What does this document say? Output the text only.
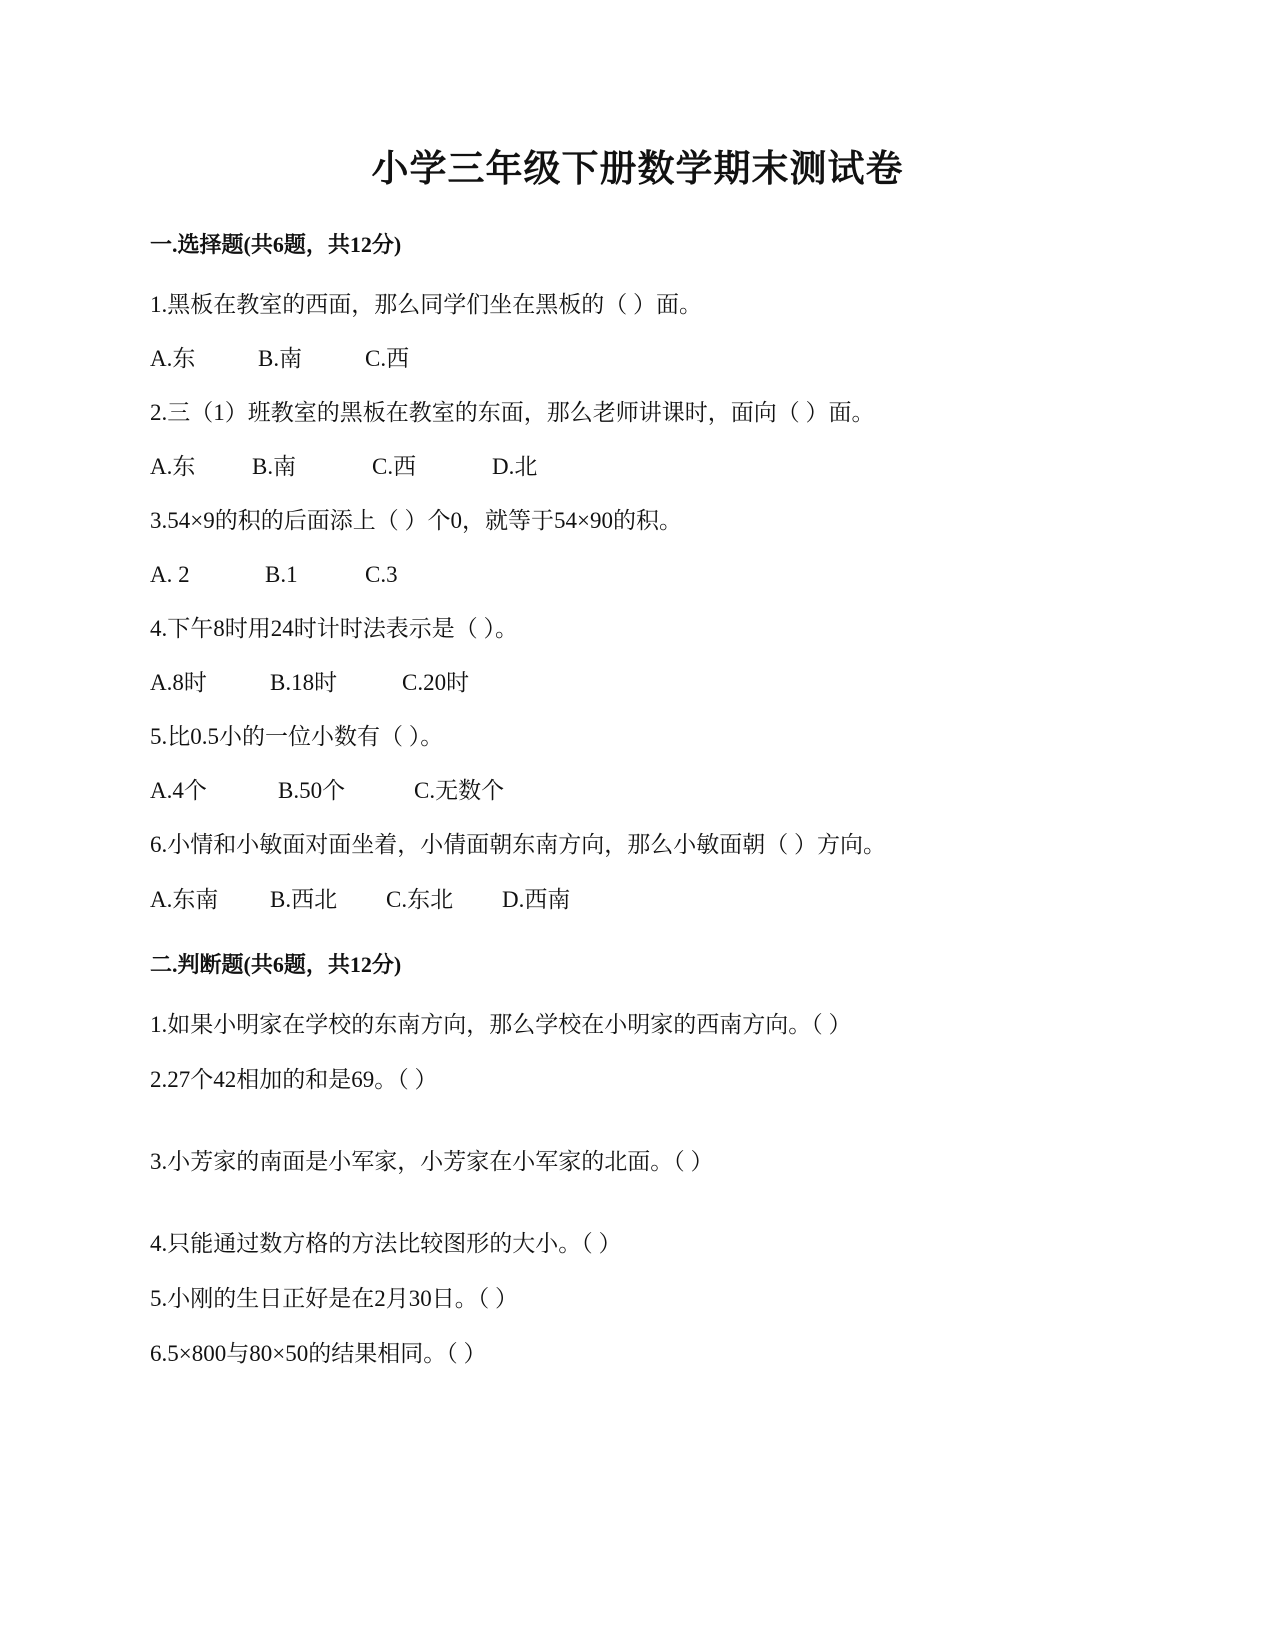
小学三年级下册数学期末测试卷
一.选择题(共6题，共12分)
1.黑板在教室的西面，那么同学们坐在黑板的（ ）面。
A.东	B.南	C.西
2.三（1）班教室的黑板在教室的东面，那么老师讲课时，面向（ ）面。
A.东 B.南	C.西	D.北
3.54×9的积的后面添上（ ）个0，就等于54×90的积。
A. 2	B.1	C.3
4.下午8时用24时计时法表示是（ ）。
A.8时	B.18时	C.20时
5.比0.5小的一位小数有（ ）。
A.4个	B.50个	C.无数个
6.小情和小敏面对面坐着，小倩面朝东南方向，那么小敏面朝（ ）方向。
A.东南 B.西北 C.东北 D.西南
二.判断题(共6题，共12分)
1.如果小明家在学校的东南方向，那么学校在小明家的西南方向。（ ）
2.27个42相加的和是69。（ ）
3.小芳家的南面是小军家，小芳家在小军家的北面。（ ）
4.只能通过数方格的方法比较图形的大小。（ ）
5.小刚的生日正好是在2月30日。（ ）
6.5×800与80×50的结果相同。（ ）
